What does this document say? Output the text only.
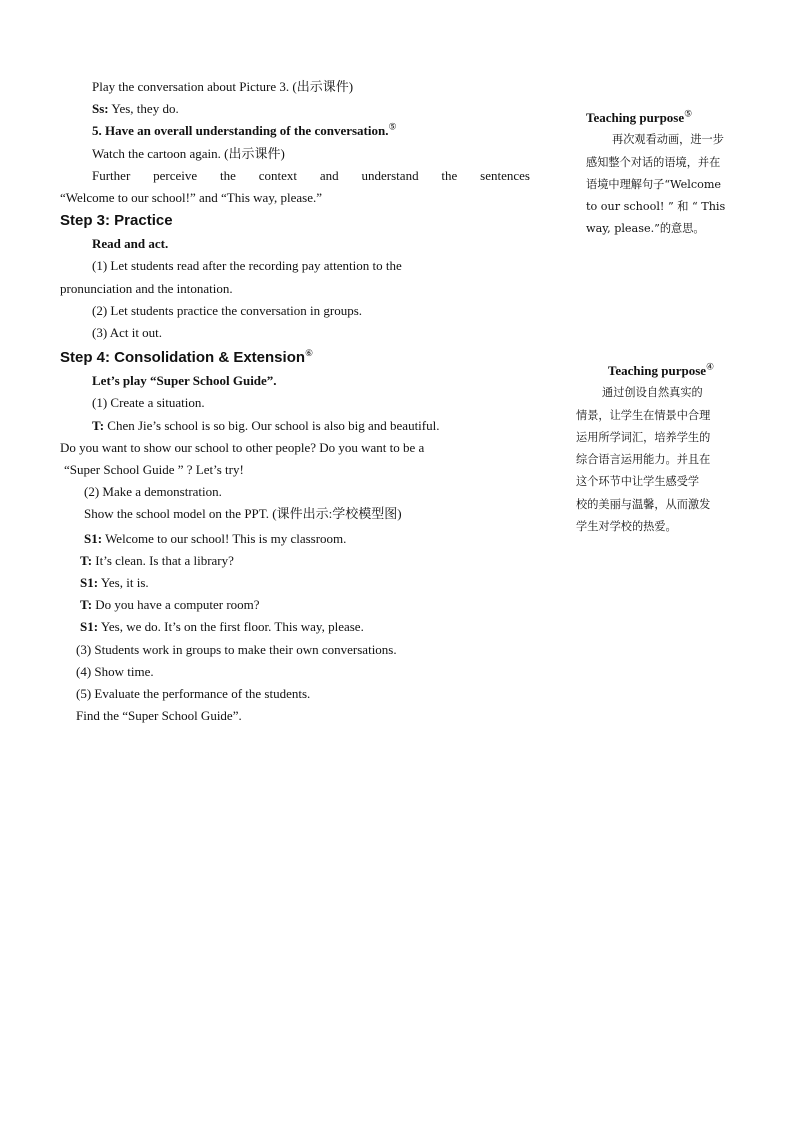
Play the conversation about Picture 3. (出示课件)
Ss: Yes, they do.
5. Have an overall understanding of the conversation.⑤
Watch the cartoon again. (出示课件)
Further perceive the context and understand the sentences
“Welcome to our school!” and “This way, please.”
Step 3: Practice
Read and act.
(1) Let students read after the recording pay attention to the
pronunciation and the intonation.
(2) Let students practice the conversation in groups.
(3) Act it out.
Step 4: Consolidation & Extension⑥
Let’s play “Super School Guide”.
(1) Create a situation.
T: Chen Jie’s school is so big. Our school is also big and beautiful.
Do you want to show our school to other people? Do you want to be a
“Super School Guide ” ? Let’s try!
(2) Make a demonstration.
Show the school model on the PPT. (课件出示:学校模型图)
S1: Welcome to our school! This is my classroom.
T: It’s clean. Is that a library?
S1: Yes, it is.
T: Do you have a computer room?
S1: Yes, we do. It’s on the first floor. This way, please.
(3) Students work in groups to make their own conversations.
(4) Show time.
(5) Evaluate the performance of the students.
Find the “Super School Guide”.
Teaching purpose⑤
再次观看动画，进一步
感知整个对话的语境，并在
语境中理解句子“Welcome
to our school! ” 和 “ This
way, please.”的意思。
Teaching purpose④
通过创设自然真实的
情景，让学生在情景中合理
运用所学词汇，培养学生的
综合语言运用能力。并且在
这个环节中让学生感受学
校的美丽与温馨，从而激发
学生对学校的热爱。
